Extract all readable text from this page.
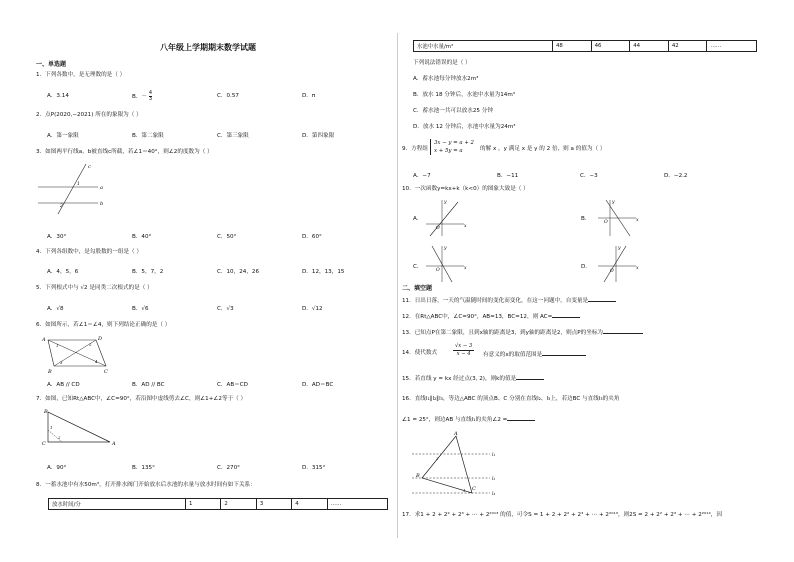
八年级上学期期末数学试题
一、单选题
1．下列各数中，是无理数的是（ ）
A．3.14	B．－ $\frac{4}{3}$	C．0.57	D．π
2．点P(2020,−2021) 所在的象限为（ ）
A．第一象限	B．第二象限	C．第三象限	D．第四象限
3．如图两平行线a，b被直线c所截，若∠1＝40°，则∠2的度数为（ ）
c
a
1
2	b
A．30°	B．40°	C．50°	D．60°
4．下列各组数中，是勾股数的一组是（ ）
A．4，5，6	B．5，7，2	C．10，24，26	D．12，13，15
5．下列根式中与 √2 是同类二次根式的是（ ）
A．√8	B．√6	C．√3	D．√12
6．如图所示，若∠1＝∠4，则下列结论正确的是（ ）
A	D
B	C
1	2
3	4
A．AB // CD	B．AD // BC	C．AB＝CD	D．AD＝BC
7．如图，已知Rt△ABC中，∠C=90°，若沿图中虚线剪去∠C，则∠1+∠2等于（ ）
B
C	A
1
2
A．90°	B．135°	C．270°	D．315°
8．一蓄水池中有水50m³，打开排水阀门开始放水后水池的水量与放水时间有如下关系：
放水时间/分	1	2	3	4	……
水池中水量/m³	48	46	44	42	……
下列说法错误的是（ ）
A．蓄水池每分钟放水2m³
B．放水 18 分钟后，水池中水量为14m³
C．蓄水池一共可以放水25 分钟
D．放水 12 分钟后，水池中水量为24m³
9．方程组
3x − y = a + 2
x + 5y = a	的解 x ，y 满足 x 是 y 的 2 倍，则 a 的值为（ ）
A．−7	B．−11	C．−3	D．−2.2
10．一次函数y=kx+k（k<0）的图象大致是（ ）
A．	B．
C．	D．
y
x
O
y
x
O
y
x
O
y
x
O
二、填空题
11．日出日落，一天的气温随时间的变化而变化，在这一问题中，自变量是
12．在Rt△ABC中，∠C=90°，AB=13，BC=12，则 AC=
13．已知点P在第二象限，且到x轴的距离是3，到y轴的距离是2，则点P的坐标为
14．使代数式	$\frac{√x - 3}{x - 4}$ 有意义的x的取值范围是
15．若直线 y = kx 经过点(3, 2)，则k的值是
16．直线l₁∥l₂∥l₃，等边△ABC 的顶点B、C 分别在直线l₂、l₃上，若边BC 与直线l₃的夹角
∠1 = 25°，则边AB 与直线l₁的夹角∠2 =
A
l₁
B
l₂
C
1
l₃
2
17．求1 + 2 + 2² + 2³ + ⋯ + 2²⁰¹³ 的值，可令S = 1 + 2 + 2² + 2³ + ⋯ + 2²⁰¹³，则2S = 2 + 2² + 2³ + ⋯ + 2²⁰¹⁴，因
